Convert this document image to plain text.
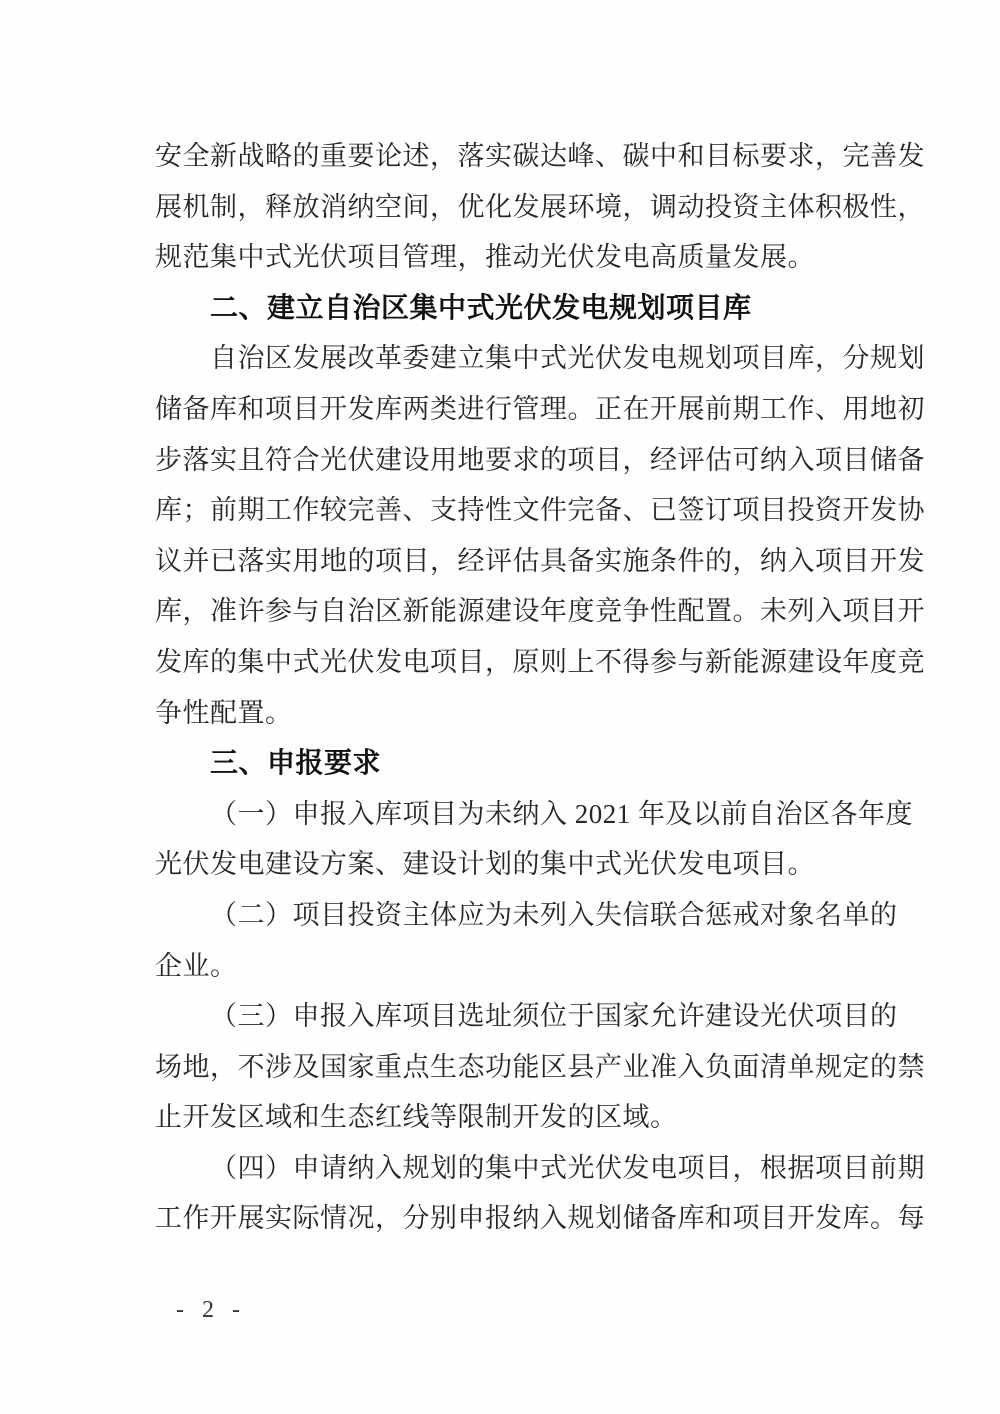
安全新战略的重要论述，落实碳达峰、碳中和目标要求，完善发
展机制，释放消纳空间，优化发展环境，调动投资主体积极性，
规范集中式光伏项目管理，推动光伏发电高质量发展。
二、建立自治区集中式光伏发电规划项目库
自治区发展改革委建立集中式光伏发电规划项目库，分规划
储备库和项目开发库两类进行管理。正在开展前期工作、用地初
步落实且符合光伏建设用地要求的项目，经评估可纳入项目储备
库；前期工作较完善、支持性文件完备、已签订项目投资开发协
议并已落实用地的项目，经评估具备实施条件的，纳入项目开发
库，准许参与自治区新能源建设年度竞争性配置。未列入项目开
发库的集中式光伏发电项目，原则上不得参与新能源建设年度竞
争性配置。
三、申报要求
（一）申报入库项目为未纳入 2021 年及以前自治区各年度
光伏发电建设方案、建设计划的集中式光伏发电项目。
（二）项目投资主体应为未列入失信联合惩戒对象名单的
企业。
（三）申报入库项目选址须位于国家允许建设光伏项目的
场地，不涉及国家重点生态功能区县产业准入负面清单规定的禁
止开发区域和生态红线等限制开发的区域。
（四）申请纳入规划的集中式光伏发电项目，根据项目前期
工作开展实际情况，分别申报纳入规划储备库和项目开发库。每
- 2 -
